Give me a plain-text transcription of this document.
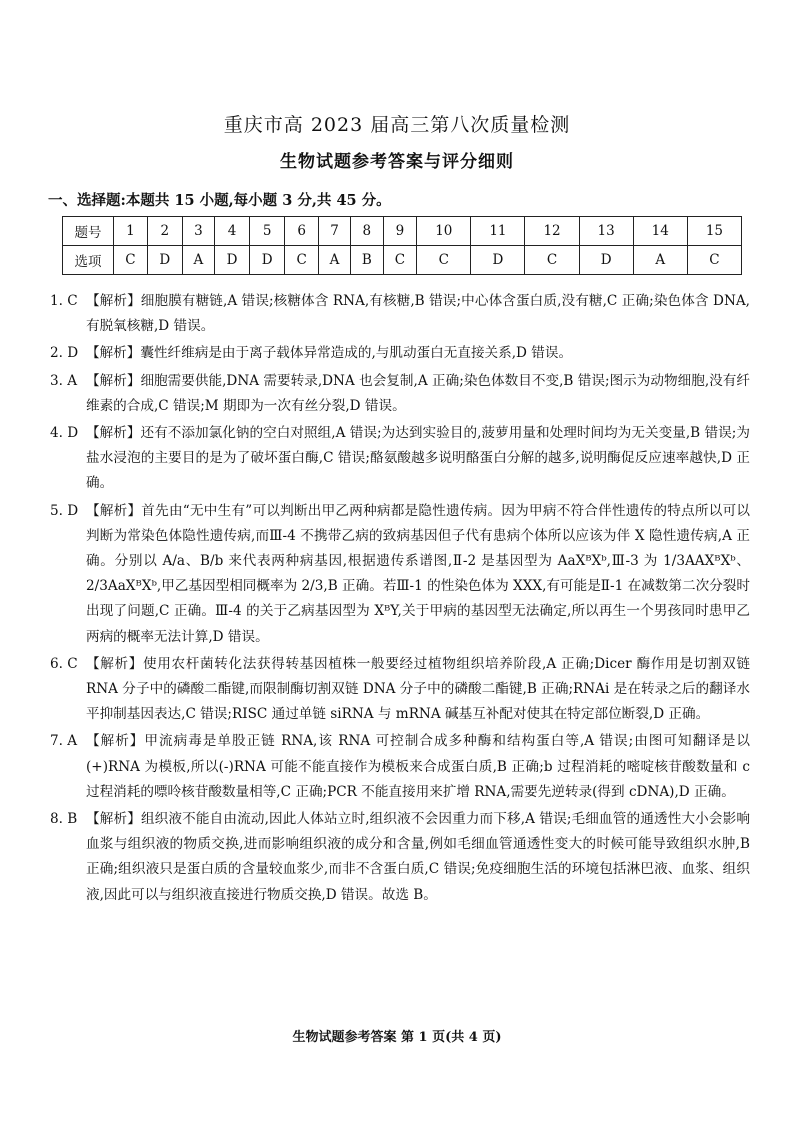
重庆市高 2023 届高三第八次质量检测
生物试题参考答案与评分细则
一、选择题:本题共 15 小题,每小题 3 分,共 45 分。
题号	1	2	3	4	5	6	7	8	9	10	11	12	13	14	15
选项	C	D	A	D	D	C	A	B	C	C	D	C	D	A	C
1. C 【解析】细胞膜有糖链,A 错误;核糖体含 RNA,有核糖,B 错误;中心体含蛋白质,没有糖,C 正确;染色体含 DNA,有脱氧核糖,D 错误。
2. D 【解析】囊性纤维病是由于离子载体异常造成的,与肌动蛋白无直接关系,D 错误。
3. A 【解析】细胞需要供能,DNA 需要转录,DNA 也会复制,A 正确;染色体数目不变,B 错误;图示为动物细胞,没有纤维素的合成,C 错误;M 期即为一次有丝分裂,D 错误。
4. D 【解析】还有不添加氯化钠的空白对照组,A 错误;为达到实验目的,菠萝用量和处理时间均为无关变量,B 错误;为盐水浸泡的主要目的是为了破坏蛋白酶,C 错误;酪氨酸越多说明酪蛋白分解的越多,说明酶促反应速率越快,D 正确。
5. D 【解析】首先由“无中生有”可以判断出甲乙两种病都是隐性遗传病。因为甲病不符合伴性遗传的特点所以可以判断为常染色体隐性遗传病,而Ⅲ-4 不携带乙病的致病基因但子代有患病个体所以应该为伴 X 隐性遗传病,A 正确。分别以 A/a、B/b 来代表两种病基因,根据遗传系谱图,Ⅱ-2 是基因型为 AaXᴮXᵇ,Ⅲ-3 为 1/3AAXᴮXᵇ、2/3AaXᴮXᵇ,甲乙基因型相同概率为 2/3,B 正确。若Ⅲ-1 的性染色体为 XXX,有可能是Ⅱ-1 在减数第二次分裂时出现了问题,C 正确。Ⅲ-4 的关于乙病基因型为 XᴮY,关于甲病的基因型无法确定,所以再生一个男孩同时患甲乙两病的概率无法计算,D 错误。
6. C 【解析】使用农杆菌转化法获得转基因植株一般要经过植物组织培养阶段,A 正确;Dicer 酶作用是切割双链 RNA 分子中的磷酸二酯键,而限制酶切割双链 DNA 分子中的磷酸二酯键,B 正确;RNAi 是在转录之后的翻译水平抑制基因表达,C 错误;RISC 通过单链 siRNA 与 mRNA 碱基互补配对使其在特定部位断裂,D 正确。
7. A 【解析】甲流病毒是单股正链 RNA,该 RNA 可控制合成多种酶和结构蛋白等,A 错误;由图可知翻译是以(+)RNA 为模板,所以(-)RNA 可能不能直接作为模板来合成蛋白质,B 正确;b 过程消耗的嘧啶核苷酸数量和 c 过程消耗的嘌呤核苷酸数量相等,C 正确;PCR 不能直接用来扩增 RNA,需要先逆转录(得到 cDNA),D 正确。
8. B 【解析】组织液不能自由流动,因此人体站立时,组织液不会因重力而下移,A 错误;毛细血管的通透性大小会影响血浆与组织液的物质交换,进而影响组织液的成分和含量,例如毛细血管通透性变大的时候可能导致组织水肿,B 正确;组织液只是蛋白质的含量较血浆少,而非不含蛋白质,C 错误;免疫细胞生活的环境包括淋巴液、血浆、组织液,因此可以与组织液直接进行物质交换,D 错误。故选 B。
生物试题参考答案 第 1 页(共 4 页)
